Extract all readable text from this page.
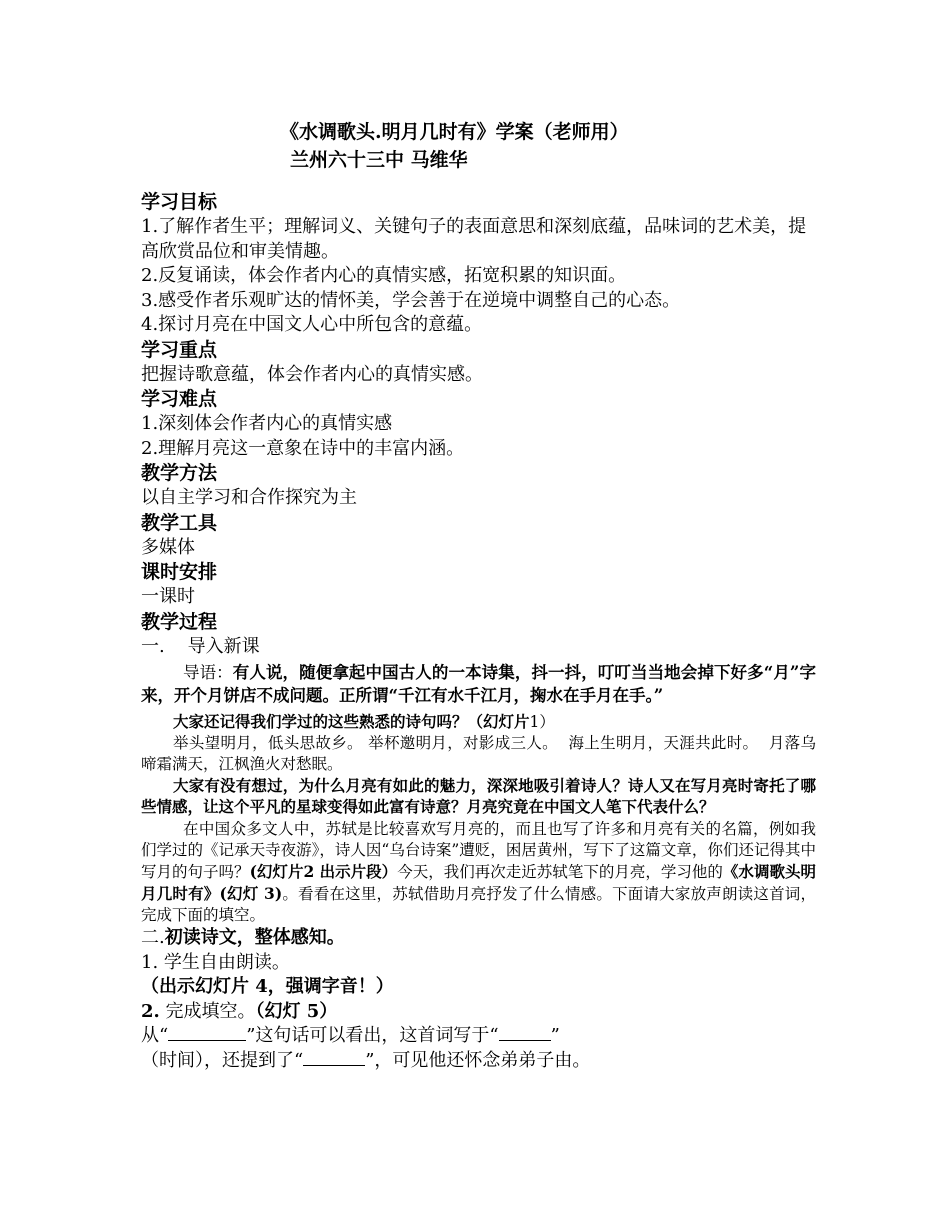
《水调歌头.明月几时有》学案（老师用）
兰州六十三中 马维华

学习目标

1.了解作者生平；理解词义、关键句子的表面意思和深刻底蕴，品味词的艺术美，提高欣赏品位和审美情趣。

2.反复诵读，体会作者内心的真情实感，拓宽积累的知识面。

3.感受作者乐观旷达的情怀美，学会善于在逆境中调整自己的心态。

4.探讨月亮在中国文人心中所包含的意蕴。

学习重点

把握诗歌意蕴，体会作者内心的真情实感。

学习难点

1.深刻体会作者内心的真情实感

2.理解月亮这一意象在诗中的丰富内涵。

教学方法

以自主学习和合作探究为主

教学工具

多媒体

课时安排

一课时

教学过程

一.    导入新课

导语：有人说，随便拿起中国古人的一本诗集，抖一抖，叮叮当当地会掉下好多“月”字来，开个月饼店不成问题。正所谓“千江有水千江月，掬水在手月在手。”

大家还记得我们学过的这些熟悉的诗句吗？（幻灯片1）

举头望明月，低头思故乡。 举杯邀明月，对影成三人。  海上生明月，天涯共此时。  月落乌啼霜满天，江枫渔火对愁眠。

大家有没有想过，为什么月亮有如此的魅力，深深地吸引着诗人？诗人又在写月亮时寄托了哪些情感，让这个平凡的星球变得如此富有诗意？月亮究竟在中国文人笔下代表什么？

在中国众多文人中，苏轼是比较喜欢写月亮的，而且也写了许多和月亮有关的名篇，例如我们学过的《记承天寺夜游》，诗人因“乌台诗案”遭贬，困居黄州，写下了这篇文章，你们还记得其中写月的句子吗？(幻灯片2 出示片段）今天，我们再次走近苏轼笔下的月亮，学习他的《水调歌头明月几时有》(幻灯 3)。看看在这里，苏轼借助月亮抒发了什么情感。下面请大家放声朗读这首词，完成下面的填空。

二.初读诗文，整体感知。

1. 学生自由朗读。

（出示幻灯片 4，强调字音！）

2. 完成填空。（幻灯 5）

从“	”这句话可以看出，这首词写于“	”

（时间），还提到了“	”，可见他还怀念弟弟子由。
